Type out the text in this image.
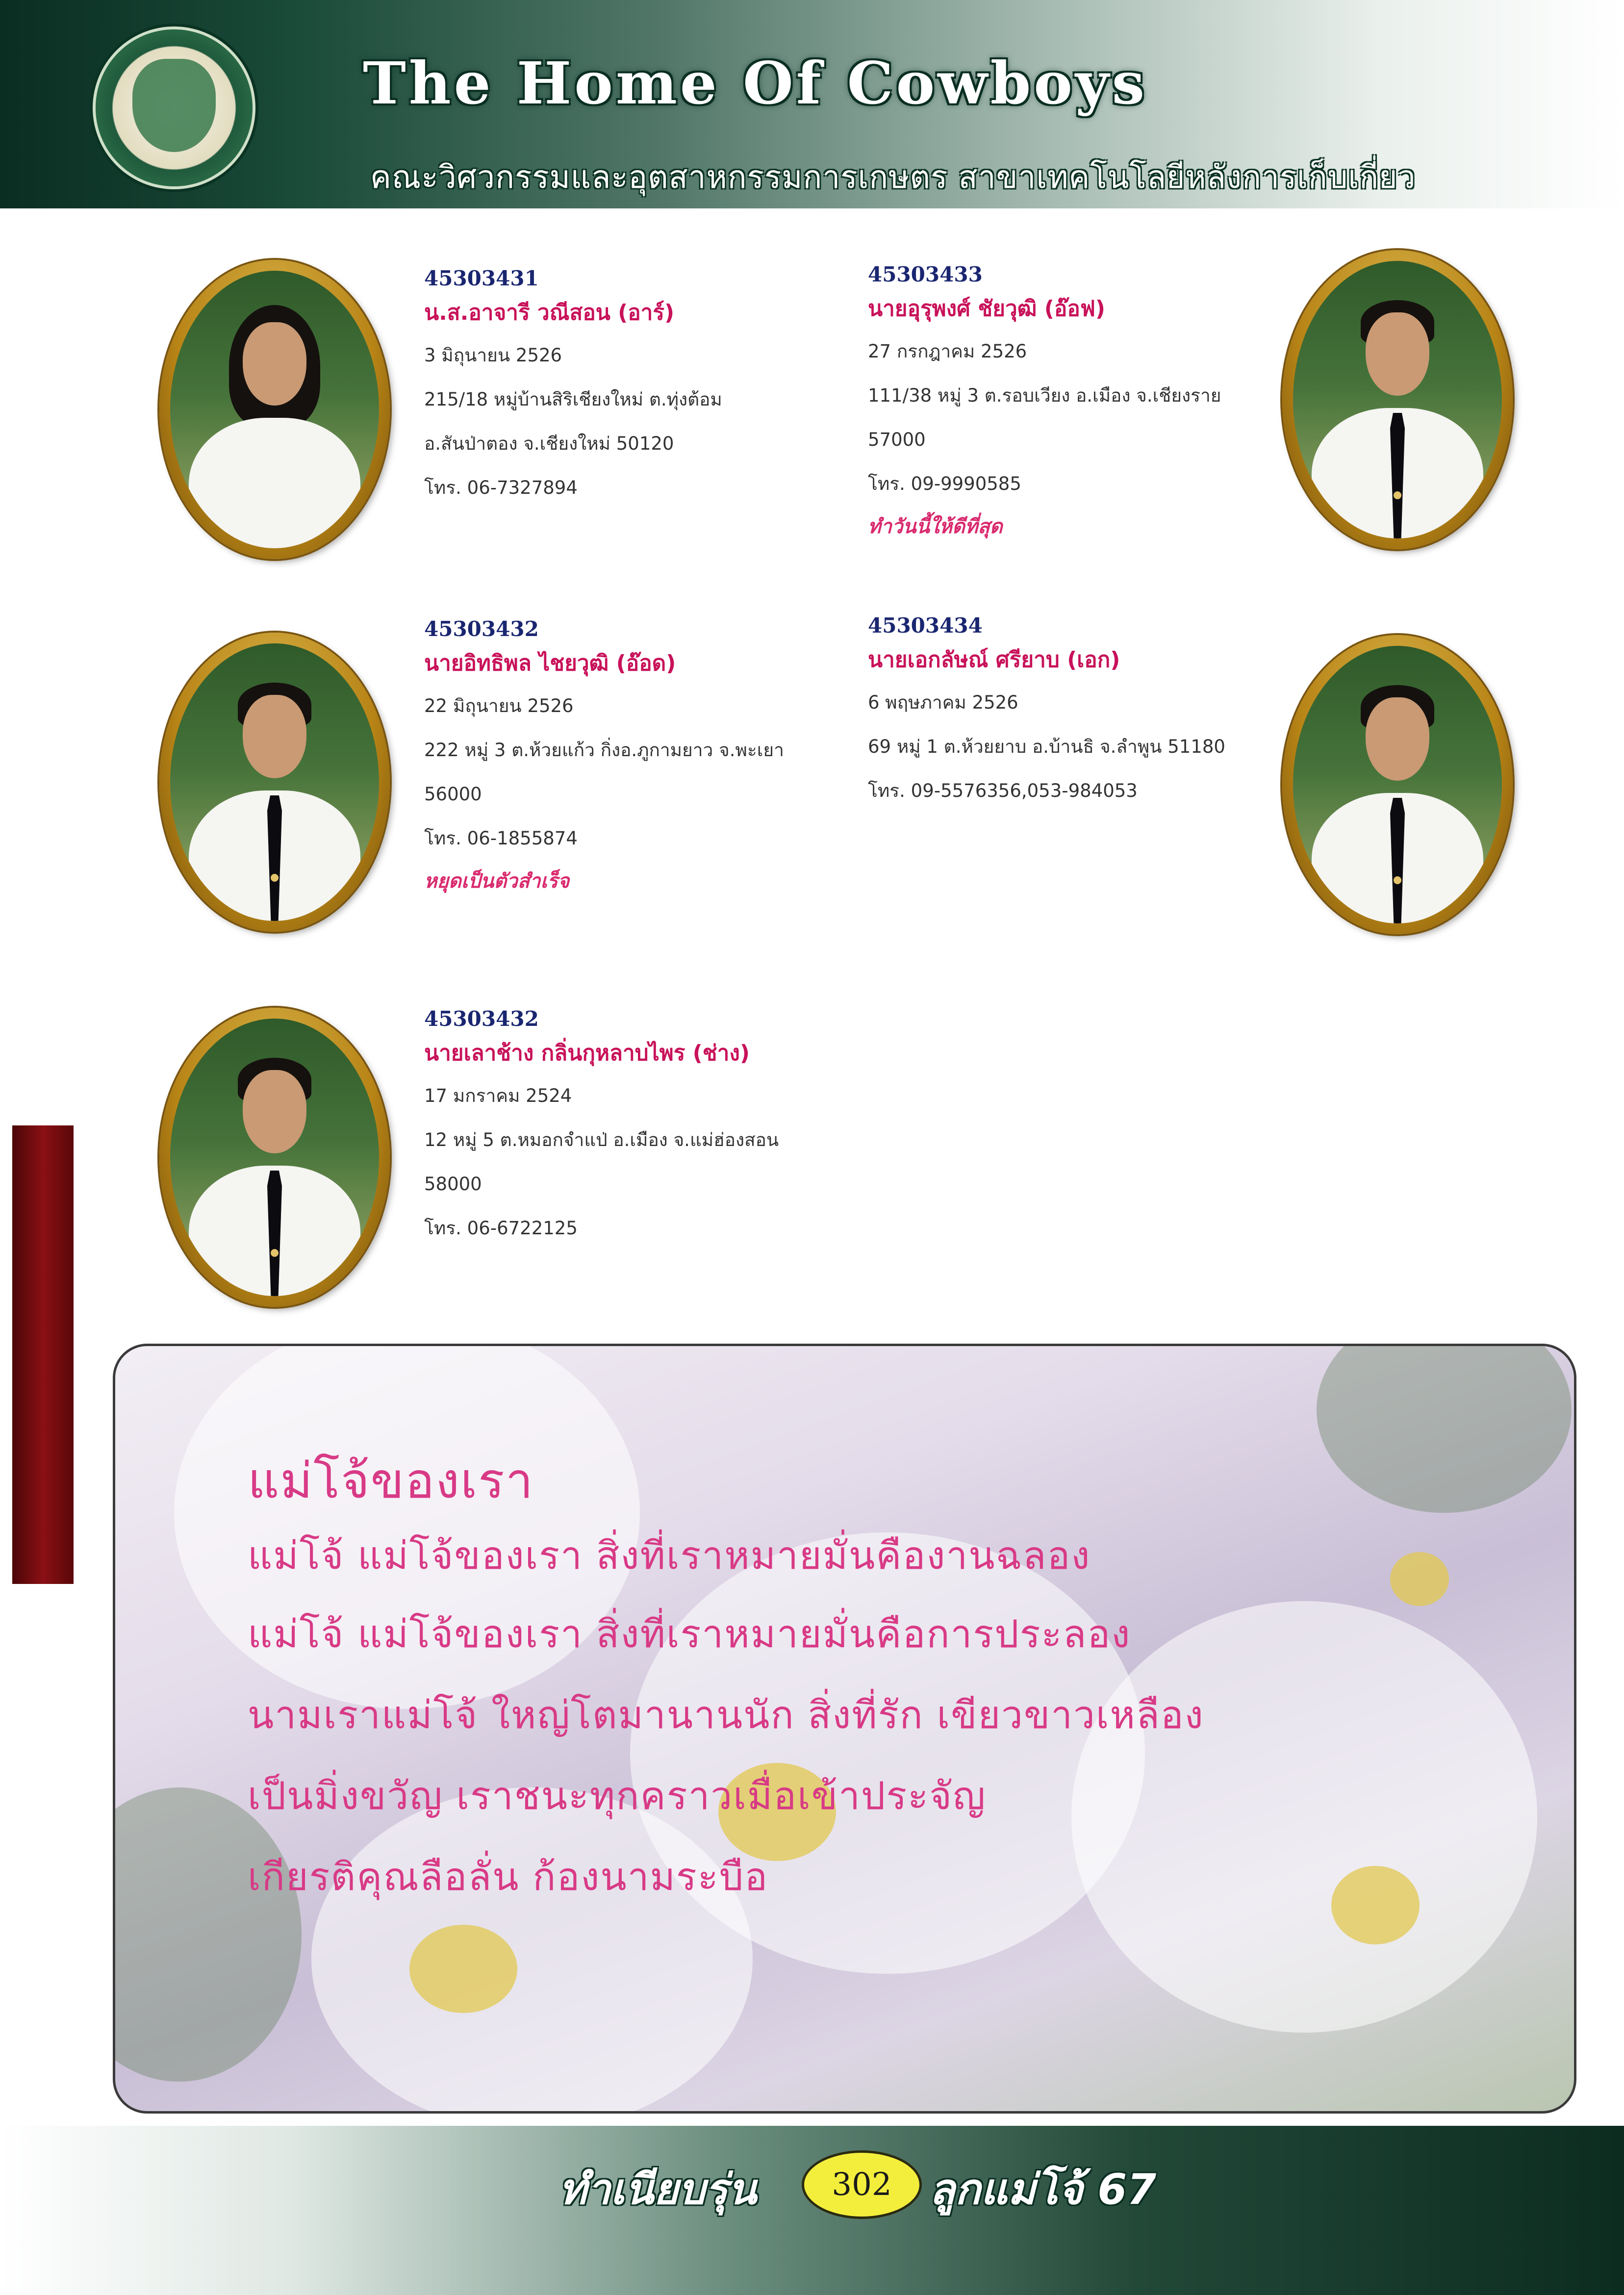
The Home Of Cowboys

คณะวิศวกรรมและอุตสาหกรรมการเกษตร สาขาเทคโนโลยีหลังการเก็บเกี่ยว

45303431
น.ส.อาจารี วณีสอน (อาร์)
3 มิถุนายน 2526
215/18 หมู่บ้านสิริเชียงใหม่ ต.ทุ่งต้อม
อ.สันป่าตอง จ.เชียงใหม่ 50120
โทร. 06-7327894
45303433
นายอุรุพงศ์ ชัยวุฒิ (อ๊อฟ)
27 กรกฎาคม 2526
111/38 หมู่ 3 ต.รอบเวียง อ.เมือง จ.เชียงราย
57000
โทร. 09-9990585
ทำวันนี้ให้ดีที่สุด
45303432
นายอิทธิพล ไชยวุฒิ (อ๊อด)
22 มิถุนายน 2526
222 หมู่ 3 ต.ห้วยแก้ว กิ่งอ.ภูกามยาว จ.พะเยา
56000
โทร. 06-1855874
หยุดเป็นตัวสำเร็จ
45303434
นายเอกลัษณ์ ศรียาบ (เอก)
6 พฤษภาคม 2526
69 หมู่ 1 ต.ห้วยยาบ อ.บ้านธิ จ.ลำพูน 51180
โทร. 09-5576356,053-984053
45303432
นายเลาช้าง กลิ่นกุหลาบไพร (ช่าง)
17 มกราคม 2524
12 หมู่ 5 ต.หมอกจำแป่ อ.เมือง จ.แม่ฮ่องสอน
58000
โทร. 06-6722125
แม่โจ้ของเรา

แม่โจ้ แม่โจ้ของเรา สิ่งที่เราหมายมั่นคืองานฉลอง

แม่โจ้ แม่โจ้ของเรา สิ่งที่เราหมายมั่นคือการประลอง

นามเราแม่โจ้ ใหญ่โตมานานนัก สิ่งที่รัก เขียวขาวเหลือง

เป็นมิ่งขวัญ เราชนะทุกคราวเมื่อเข้าประจัญ

เกียรติคุณลือลั่น ก้องนามระบือ

ทำเนียบรุ่น	302 ลูกแม่โจ้ 67
